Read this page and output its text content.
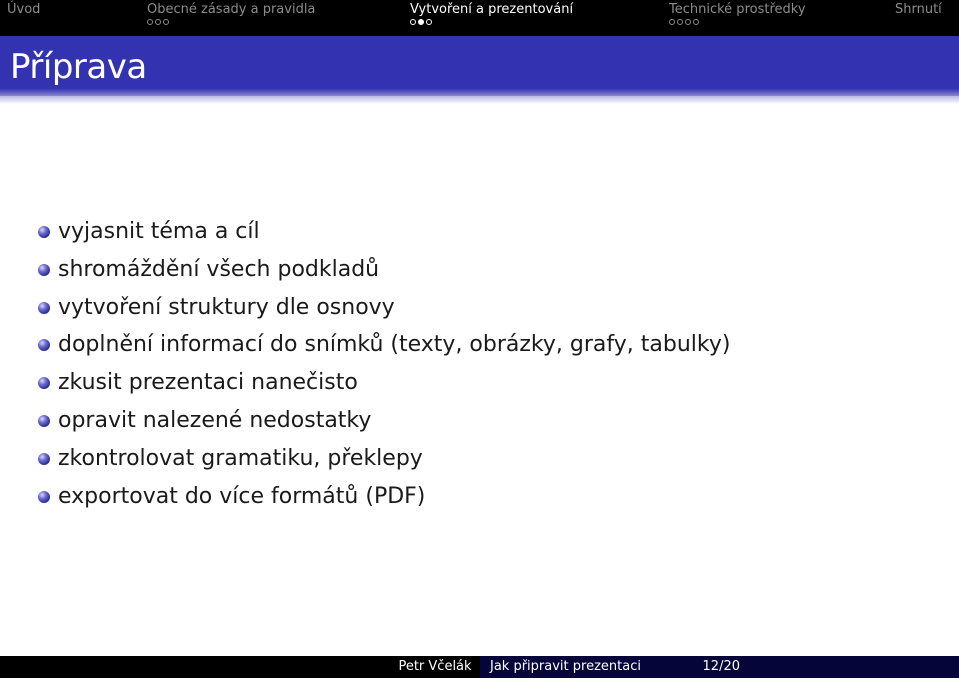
Úvod	Obecné zásady a pravidla	Vytvoření a prezentování	Technické prostředky	Shrnutí
Příprava
vyjasnit téma a cíl
shromáždění všech podkladů
vytvoření struktury dle osnovy
doplnění informací do snímků (texty, obrázky, grafy, tabulky)
zkusit prezentaci nanečisto
opravit nalezené nedostatky
zkontrolovat gramatiku, překlepy
exportovat do více formátů (PDF)
Petr Včelák	Jak připravit prezentaci	12/20
